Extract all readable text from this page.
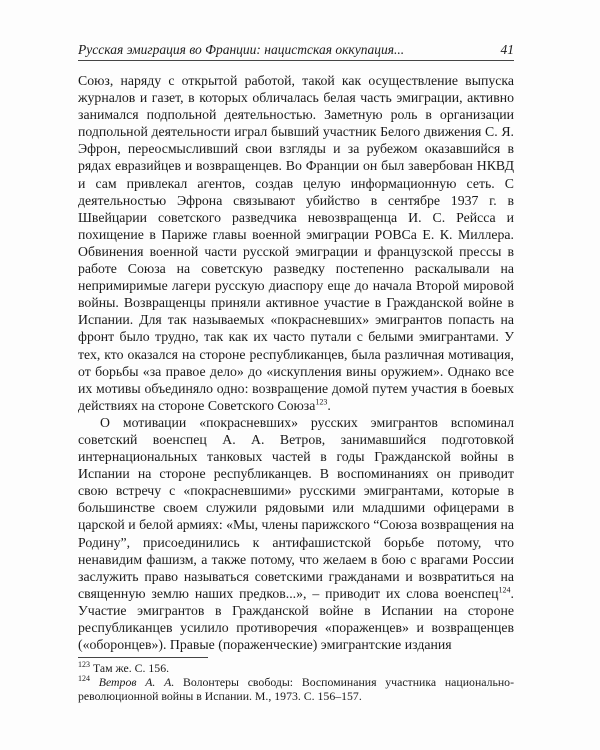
Русская эмиграция во Франции: нацистская оккупация...	41

Союз, наряду с открытой работой, такой как осуществление выпуска журналов и газет, в которых обличалась белая часть эмиграции, активно занимался подпольной деятельностью. Заметную роль в организации подпольной деятельности играл бывший участник Белого движения С. Я. Эфрон, переосмысливший свои взгляды и за рубежом оказавшийся в рядах евразийцев и возвращенцев. Во Франции он был завербован НКВД и сам привлекал агентов, создав целую информационную сеть. С деятельностью Эфрона связывают убийство в сентябре 1937 г. в Швейцарии советского разведчика невозвращенца И. С. Рейсса и похищение в Париже главы военной эмиграции РОВСа Е. К. Миллера. Обвинения военной части русской эмиграции и французской прессы в работе Союза на советскую разведку постепенно раскалывали на непримиримые лагери русскую диаспору еще до начала Второй мировой войны. Возвращенцы приняли активное участие в Гражданской войне в Испании. Для так называемых «покрасневших» эмигрантов попасть на фронт было трудно, так как их часто путали с белыми эмигрантами. У тех, кто оказался на стороне республиканцев, была различная мотивация, от борьбы «за правое дело» до «искупления вины оружием». Однако все их мотивы объединяло одно: возвращение домой путем участия в боевых действиях на стороне Советского Союза$^{123}$.

О мотивации «покрасневших» русских эмигрантов вспоминал советский военспец А. А. Ветров, занимавшийся подготовкой интернациональных танковых частей в годы Гражданской войны в Испании на стороне республиканцев. В воспоминаниях он приводит свою встречу с «покрасневшими» русскими эмигрантами, которые в большинстве своем служили рядовыми или младшими офицерами в царской и белой армиях: «Мы, члены парижского “Союза возвращения на Родину”, присоединились к антифашистской борьбе потому, что ненавидим фашизм, а также потому, что желаем в бою с врагами России заслужить право называться советскими гражданами и возвратиться на священную землю наших предков...», – приводит их слова военспец$^{124}$. Участие эмигрантов в Гражданской войне в Испании на стороне республиканцев усилило противоречия «пораженцев» и возвращенцев («оборонцев»). Правые (пораженческие) эмигрантские издания

$^{123}$ Там же. С. 156.
$^{124}$ Ветров А. А. Волонтеры свободы: Воспоминания участника национально-революционной войны в Испании. М., 1973. С. 156–157.
